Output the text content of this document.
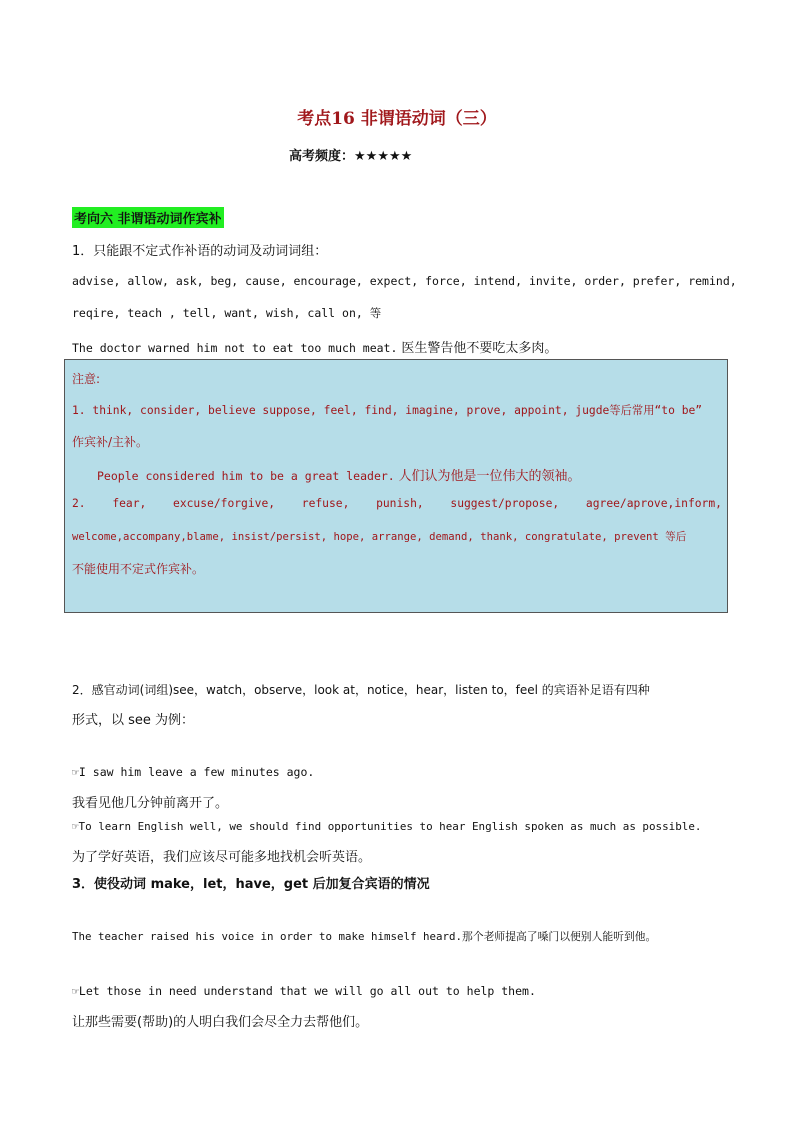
考点16 非谓语动词（三）
高考频度：★★★★★
考向六 非谓语动词作宾补
1．只能跟不定式作补语的动词及动词词组：
advise, allow, ask, beg, cause, encourage, expect, force, intend, invite, order, prefer, remind,
reqire, teach , tell, want, wish, call on, 等
The doctor warned him not to eat too much meat. 医生警告他不要吃太多肉。
注意:
1. think, consider, believe suppose, feel, find, imagine, prove, appoint, jugde等后常用“to be”
作宾补/主补。
People considered him to be a great leader. 人们认为他是一位伟大的领袖。
2. fear, excuse/forgive, refuse, punish, suggest/propose, agree/aprove,inform,
welcome,accompany,blame, insist/persist, hope, arrange, demand, thank, congratulate, prevent 等后
不能使用不定式作宾补。
2．感官动词(词组)see，watch，observe，look at，notice，hear，listen to，feel 的宾语补足语有四种
形式，以 see 为例：
☞I saw him leave a few minutes ago.
我看见他几分钟前离开了。
☞To learn English well, we should find opportunities to hear English spoken as much as possible.
为了学好英语，我们应该尽可能多地找机会听英语。
3．使役动词 make，let，have，get 后加复合宾语的情况
The teacher raised his voice in order to make himself heard.那个老师提高了嗓门以便别人能听到他。
☞Let those in need understand that we will go all out to help them.
让那些需要(帮助)的人明白我们会尽全力去帮他们。
